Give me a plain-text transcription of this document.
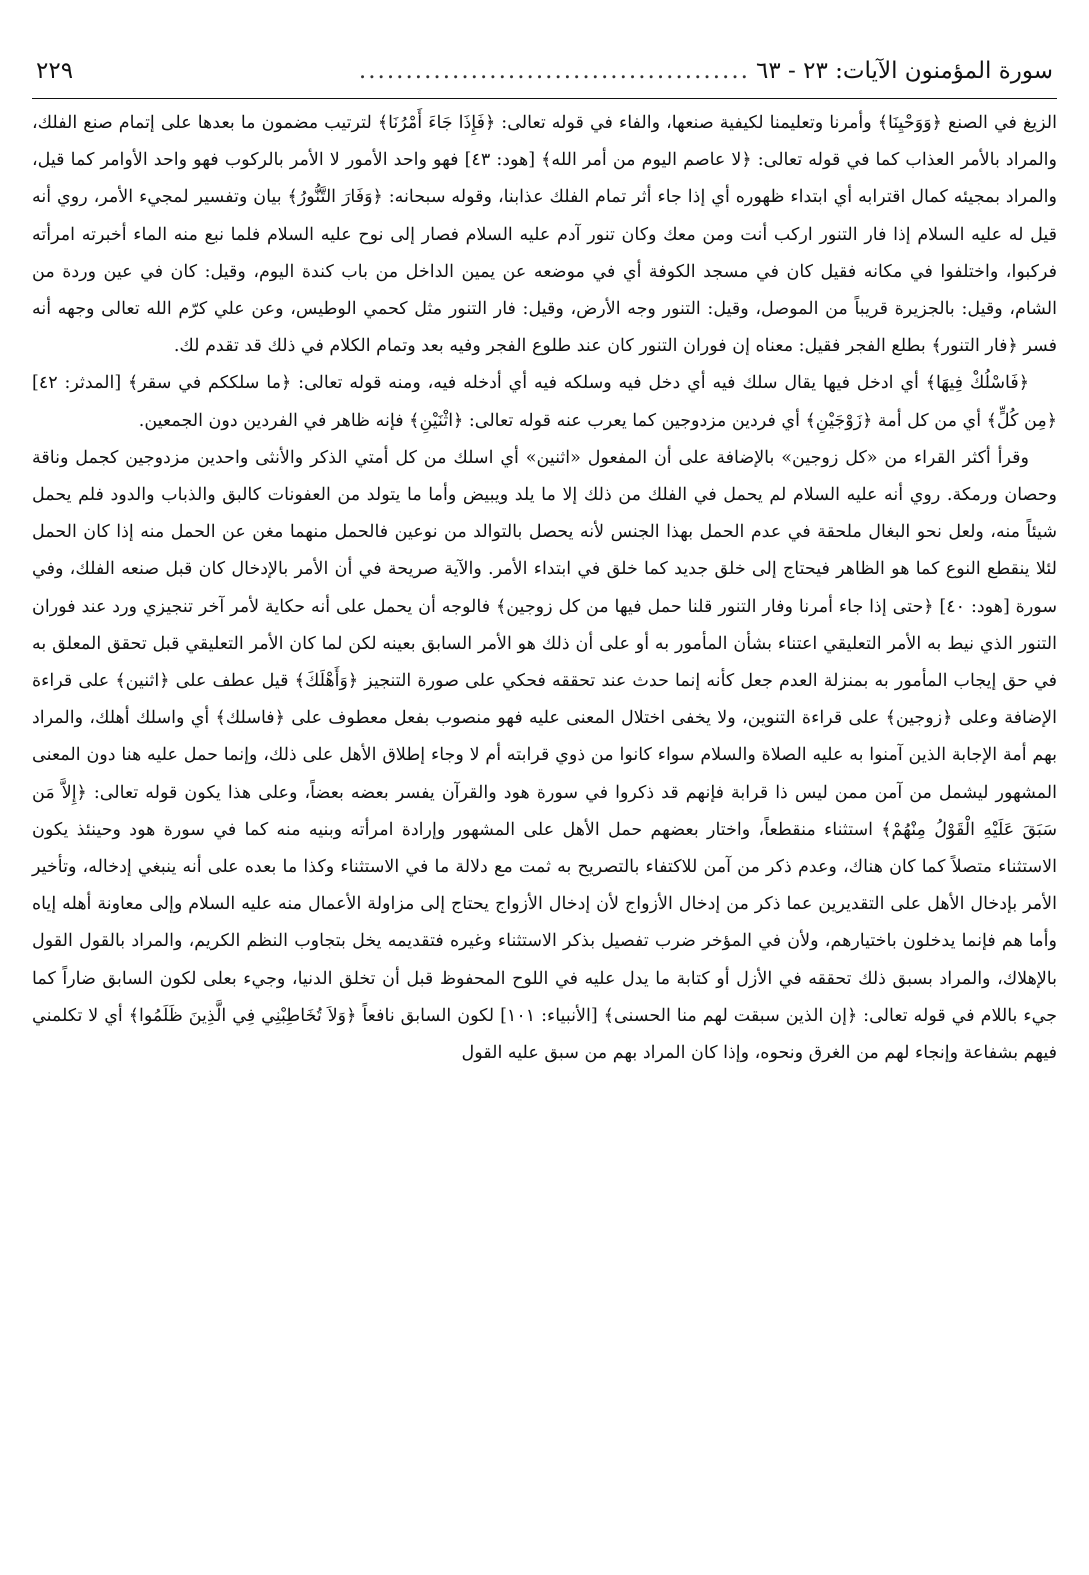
سورة المؤمنون الآيات: ٢٣ - ٦٣
..........................................
٢٢٩

الزيغ في الصنع ﴿وَوَحْيِنَا﴾ وأمرنا وتعليمنا لكيفية صنعها، والفاء في قوله تعالى: ﴿فَإِذَا جَاءَ أَمْرُنَا﴾ لترتيب مضمون ما بعدها على إتمام صنع الفلك، والمراد بالأمر العذاب كما في قوله تعالى: ﴿لا عاصم اليوم من أمر الله﴾ [هود: ٤٣] فهو واحد الأمور لا الأمر بالركوب فهو واحد الأوامر كما قيل، والمراد بمجيئه كمال اقترابه أي ابتداء ظهوره أي إذا جاء أثر تمام الفلك عذابنا، وقوله سبحانه: ﴿وَفَارَ التَّنُّورُ﴾ بيان وتفسير لمجيء الأمر، روي أنه قيل له عليه السلام إذا فار التنور اركب أنت ومن معك وكان تنور آدم عليه السلام فصار إلى نوح عليه السلام فلما نبع منه الماء أخبرته امرأته فركبوا، واختلفوا في مكانه فقيل كان في مسجد الكوفة أي في موضعه عن يمين الداخل من باب كندة اليوم، وقيل: كان في عين وردة من الشام، وقيل: بالجزيرة قريباً من الموصل، وقيل: التنور وجه الأرض، وقيل: فار التنور مثل كحمي الوطيس، وعن علي كرّم الله تعالى وجهه أنه فسر ﴿فار التنور﴾ بطلع الفجر فقيل: معناه إن فوران التنور كان عند طلوع الفجر وفيه بعد وتمام الكلام في ذلك قد تقدم لك.

﴿فَاسْلُكْ فِيهَا﴾ أي ادخل فيها يقال سلك فيه أي دخل فيه وسلكه فيه أي أدخله فيه، ومنه قوله تعالى: ﴿ما سلككم في سقر﴾ [المدثر: ٤٢] ﴿مِن كُلٍّ﴾ أي من كل أمة ﴿زَوْجَيْنِ﴾ أي فردين مزدوجين كما يعرب عنه قوله تعالى: ﴿اثْنَيْنِ﴾ فإنه ظاهر في الفردين دون الجمعين.

وقرأ أكثر القراء من «كل زوجين» بالإضافة على أن المفعول «اثنين» أي اسلك من كل أمتي الذكر والأنثى واحدين مزدوجين كجمل وناقة وحصان ورمكة. روي أنه عليه السلام لم يحمل في الفلك من ذلك إلا ما يلد ويبيض وأما ما يتولد من العفونات كالبق والذباب والدود فلم يحمل شيئاً منه، ولعل نحو البغال ملحقة في عدم الحمل بهذا الجنس لأنه يحصل بالتوالد من نوعين فالحمل منهما مغن عن الحمل منه إذا كان الحمل لئلا ينقطع النوع كما هو الظاهر فيحتاج إلى خلق جديد كما خلق في ابتداء الأمر. والآية صريحة في أن الأمر بالإدخال كان قبل صنعه الفلك، وفي سورة [هود: ٤٠] ﴿حتى إذا جاء أمرنا وفار التنور قلنا حمل فيها من كل زوجين﴾ فالوجه أن يحمل على أنه حكاية لأمر آخر تنجيزي ورد عند فوران التنور الذي نيط به الأمر التعليقي اعتناء بشأن المأمور به أو على أن ذلك هو الأمر السابق بعينه لكن لما كان الأمر التعليقي قبل تحقق المعلق به في حق إيجاب المأمور به بمنزلة العدم جعل كأنه إنما حدث عند تحققه فحكي على صورة التنجيز ﴿وَأَهْلَكَ﴾ قيل عطف على ﴿اثنين﴾ على قراءة الإضافة وعلى ﴿زوجين﴾ على قراءة التنوين، ولا يخفى اختلال المعنى عليه فهو منصوب بفعل معطوف على ﴿فاسلك﴾ أي واسلك أهلك، والمراد بهم أمة الإجابة الذين آمنوا به عليه الصلاة والسلام سواء كانوا من ذوي قرابته أم لا وجاء إطلاق الأهل على ذلك، وإنما حمل عليه هنا دون المعنى المشهور ليشمل من آمن ممن ليس ذا قرابة فإنهم قد ذكروا في سورة هود والقرآن يفسر بعضه بعضاً، وعلى هذا يكون قوله تعالى: ﴿إِلاَّ مَن سَبَقَ عَلَيْهِ الْقَوْلُ مِنْهُمْ﴾ استثناء منقطعاً، واختار بعضهم حمل الأهل على المشهور وإرادة امرأته وبنيه منه كما في سورة هود وحينئذ يكون الاستثناء متصلاً كما كان هناك، وعدم ذكر من آمن للاكتفاء بالتصريح به ثمت مع دلالة ما في الاستثناء وكذا ما بعده على أنه ينبغي إدخاله، وتأخير الأمر بإدخال الأهل على التقديرين عما ذكر من إدخال الأزواج لأن إدخال الأزواج يحتاج إلى مزاولة الأعمال منه عليه السلام وإلى معاونة أهله إياه وأما هم فإنما يدخلون باختيارهم، ولأن في المؤخر ضرب تفصيل بذكر الاستثناء وغيره فتقديمه يخل بتجاوب النظم الكريم، والمراد بالقول القول بالإهلاك، والمراد بسبق ذلك تحققه في الأزل أو كتابة ما يدل عليه في اللوح المحفوظ قبل أن تخلق الدنيا، وجيء بعلى لكون السابق ضاراً كما جيء باللام في قوله تعالى: ﴿إن الذين سبقت لهم منا الحسنى﴾ [الأنبياء: ١٠١] لكون السابق نافعاً ﴿وَلاَ تُخَاطِبْنِي فِي الَّذِينَ ظَلَمُوا﴾ أي لا تكلمني فيهم بشفاعة وإنجاء لهم من الغرق ونحوه، وإذا كان المراد بهم من سبق عليه القول
